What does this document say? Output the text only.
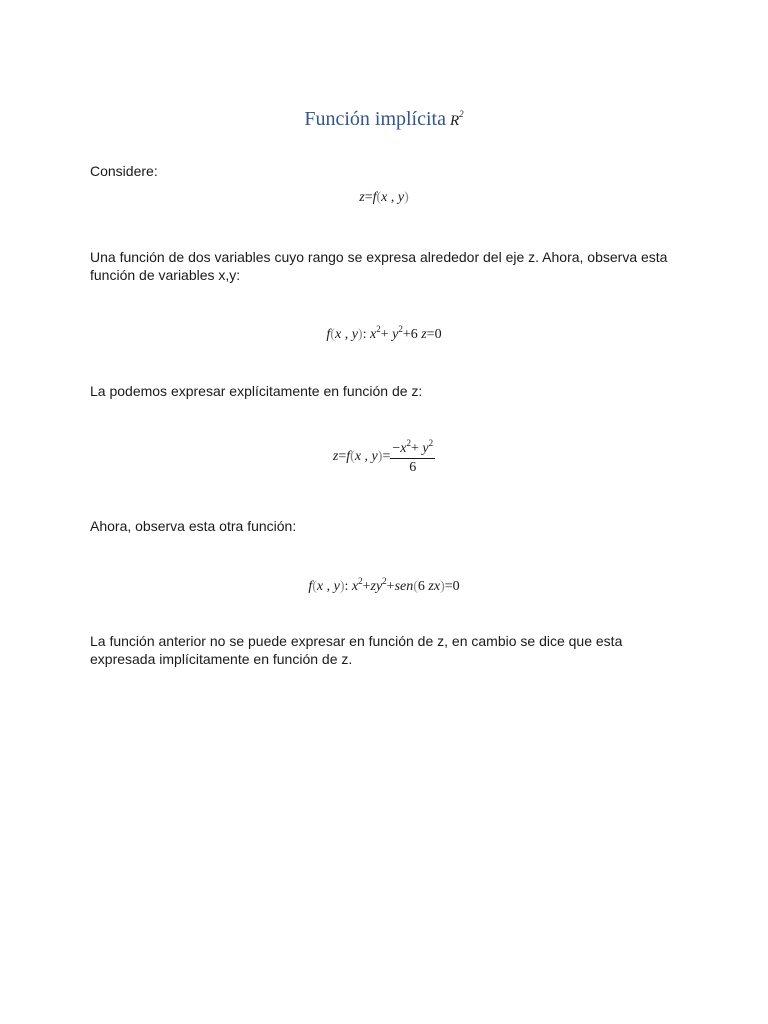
Función implícita $R^2$
Considere:
z=f(x , y)
Una función de dos variables cuyo rango se expresa alrededor del eje z. Ahora, observa esta función de variables x,y:
f(x , y): $x^2+ y^2+6$ z=0
La podemos expresar explícitamente en función de z:
z=f(x , $y)= \frac{-x^2+ y^2}{6}$
Ahora, observa esta otra función:
f(x , y): $x^2+zy^2+sen(6$ zx)=0
La función anterior no se puede expresar en función de z, en cambio se dice que esta expresada implícitamente en función de z.
